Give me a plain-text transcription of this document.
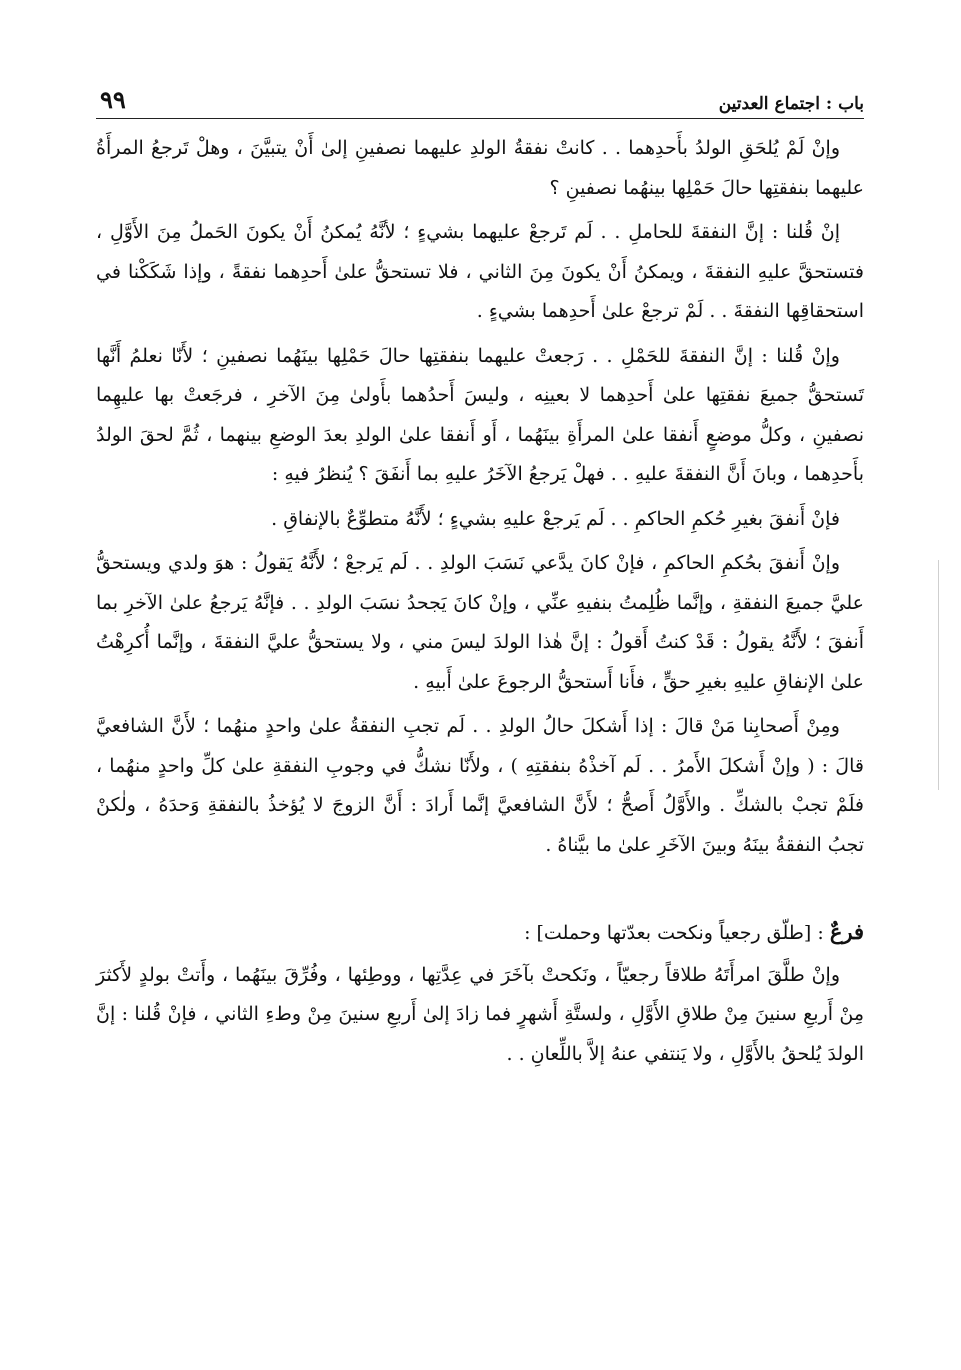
باب : اجتماع العدتين
٩٩

وإنْ لَمْ يُلحَقِ الولدُ بأَحدِهما . . كانتْ نفقةُ الولدِ عليهما نصفينِ إلىٰ أَنْ يتبيَّنَ ، وهلْ تَرجعُ المرأَةُ عليهما بنفقتِها حالَ حَمْلِها بينهُما نصفينِ ؟

إنْ قُلنا : إنَّ النفقةَ للحاملِ . . لَم تَرجعْ عليهما بشيءٍ ؛ لأنَّهُ يُمكنُ أَنْ يكونَ الحَملُ مِنَ الأَوَّلِ ، فتستحقَّ عليهِ النفقةَ ، ويمكنُ أَنْ يكونَ مِنَ الثاني ، فلا تستحقُّ علىٰ أَحدِهما نفقةً ، وإذا شَكَكْنا في استحقاقِها النفقةَ . . لَمْ ترجعْ علىٰ أَحدِهما بشيءٍ .

وإنْ قُلنا : إنَّ النفقةَ للحَمْلِ . . رَجعتْ عليهما بنفقتِها حالَ حَمْلِها بينَهُما نصفينِ ؛ لأَنّا نعلمُ أَنَّها تَستحقُّ جميعَ نفقتِها علىٰ أَحدِهما لا بعينِه ، وليسَ أَحدُهما بأَولىٰ مِنَ الآخرِ ، فرجَعتْ بها عليهِما نصفينِ ، وكلُّ موضعٍ أَنفقا علىٰ المرأَةِ بينَهُما ، أَو أَنفقا علىٰ الولدِ بعدَ الوضعِ بينهما ، ثُمَّ لحقَ الولدُ بأَحدِهما ، وبانَ أَنَّ النفقةَ عليهِ . . فهلْ يَرجعُ الآخَرُ عليهِ بما أَنفَقَ ؟ يُنظرُ فيهِ :

فإنْ أَنفقَ بغيرِ حُكمِ الحاكمِ . . لَم يَرجعْ عليهِ بشيءٍ ؛ لأَنَّهُ متطوِّعٌ بالإنفاقِ .

وإنْ أَنفقَ بحُكمِ الحاكمِ ، فإنْ كانَ يدَّعي نَسَبَ الولدِ . . لَم يَرجعْ ؛ لأَنَّهُ يَقولُ : هوَ ولدي ويستحقُّ عليَّ جميعَ النفقةِ ، وإنَّما ظُلِمتُ بنفيهِ عنِّي ، وإنْ كانَ يَجحدُ نسَبَ الولدِ . . فإنَّهُ يَرجعُ علىٰ الآخرِ بما أَنفقَ ؛ لأَنَّهُ يقولُ : قَدْ كنتُ أَقولُ : إنَّ هٰذا الولدَ ليسَ مني ، ولا يستحقُّ عليَّ النفقةَ ، وإنَّما أُكرِهْتُ علىٰ الإنفاقِ عليهِ بغيرِ حقٍّ ، فأَنا أَستحقُّ الرجوعَ علىٰ أَبيهِ .

ومِنْ أَصحابِنا مَنْ قالَ : إذا أَشكلَ حالُ الولدِ . . لَم تجبِ النفقةُ علىٰ واحدٍ منهُما ؛ لأَنَّ الشافعيَّ قالَ : ( وإنْ أَشكلَ الأَمرُ . . لَم آخذْهُ بنفقتِهِ ) ، ولأَنّا نشكُّ في وجوبِ النفقةِ علىٰ كلِّ واحدٍ منهُما ، فلَمْ تجبْ بالشكِّ . والأَوَّلُ أَصحُّ ؛ لأَنَّ الشافعيَّ إنَّما أَرادَ : أَنَّ الزوجَ لا يُؤخذُ بالنفقةِ وَحدَهُ ، ولٰكنْ تجبُ النفقةُ بينَهُ وبينَ الآخَرِ علىٰ ما بيَّناهُ .

فرعٌ : [طلّق رجعياً ونكحت بعدّتها وحملت] :

وإنْ طلَّقَ امرأَتَهُ طلاقاً رجعيّاً ، ونَكحتْ بآخَرَ في عِدَّتِها ، ووطِئها ، وفُرِّقَ بينَهُما ، وأَتتْ بولدٍ لأَكثرَ مِنْ أَربعِ سنينَ مِنْ طلاقِ الأَوَّلِ ، ولستَّةِ أَشهرٍ فما زادَ إلىٰ أَربعِ سنينَ مِنْ وطءِ الثاني ، فإنْ قُلنا : إنَّ الولدَ يُلحقُ بالأَوَّلِ ، ولا يَنتفي عنهُ إلاَّ باللِّعانِ . .
